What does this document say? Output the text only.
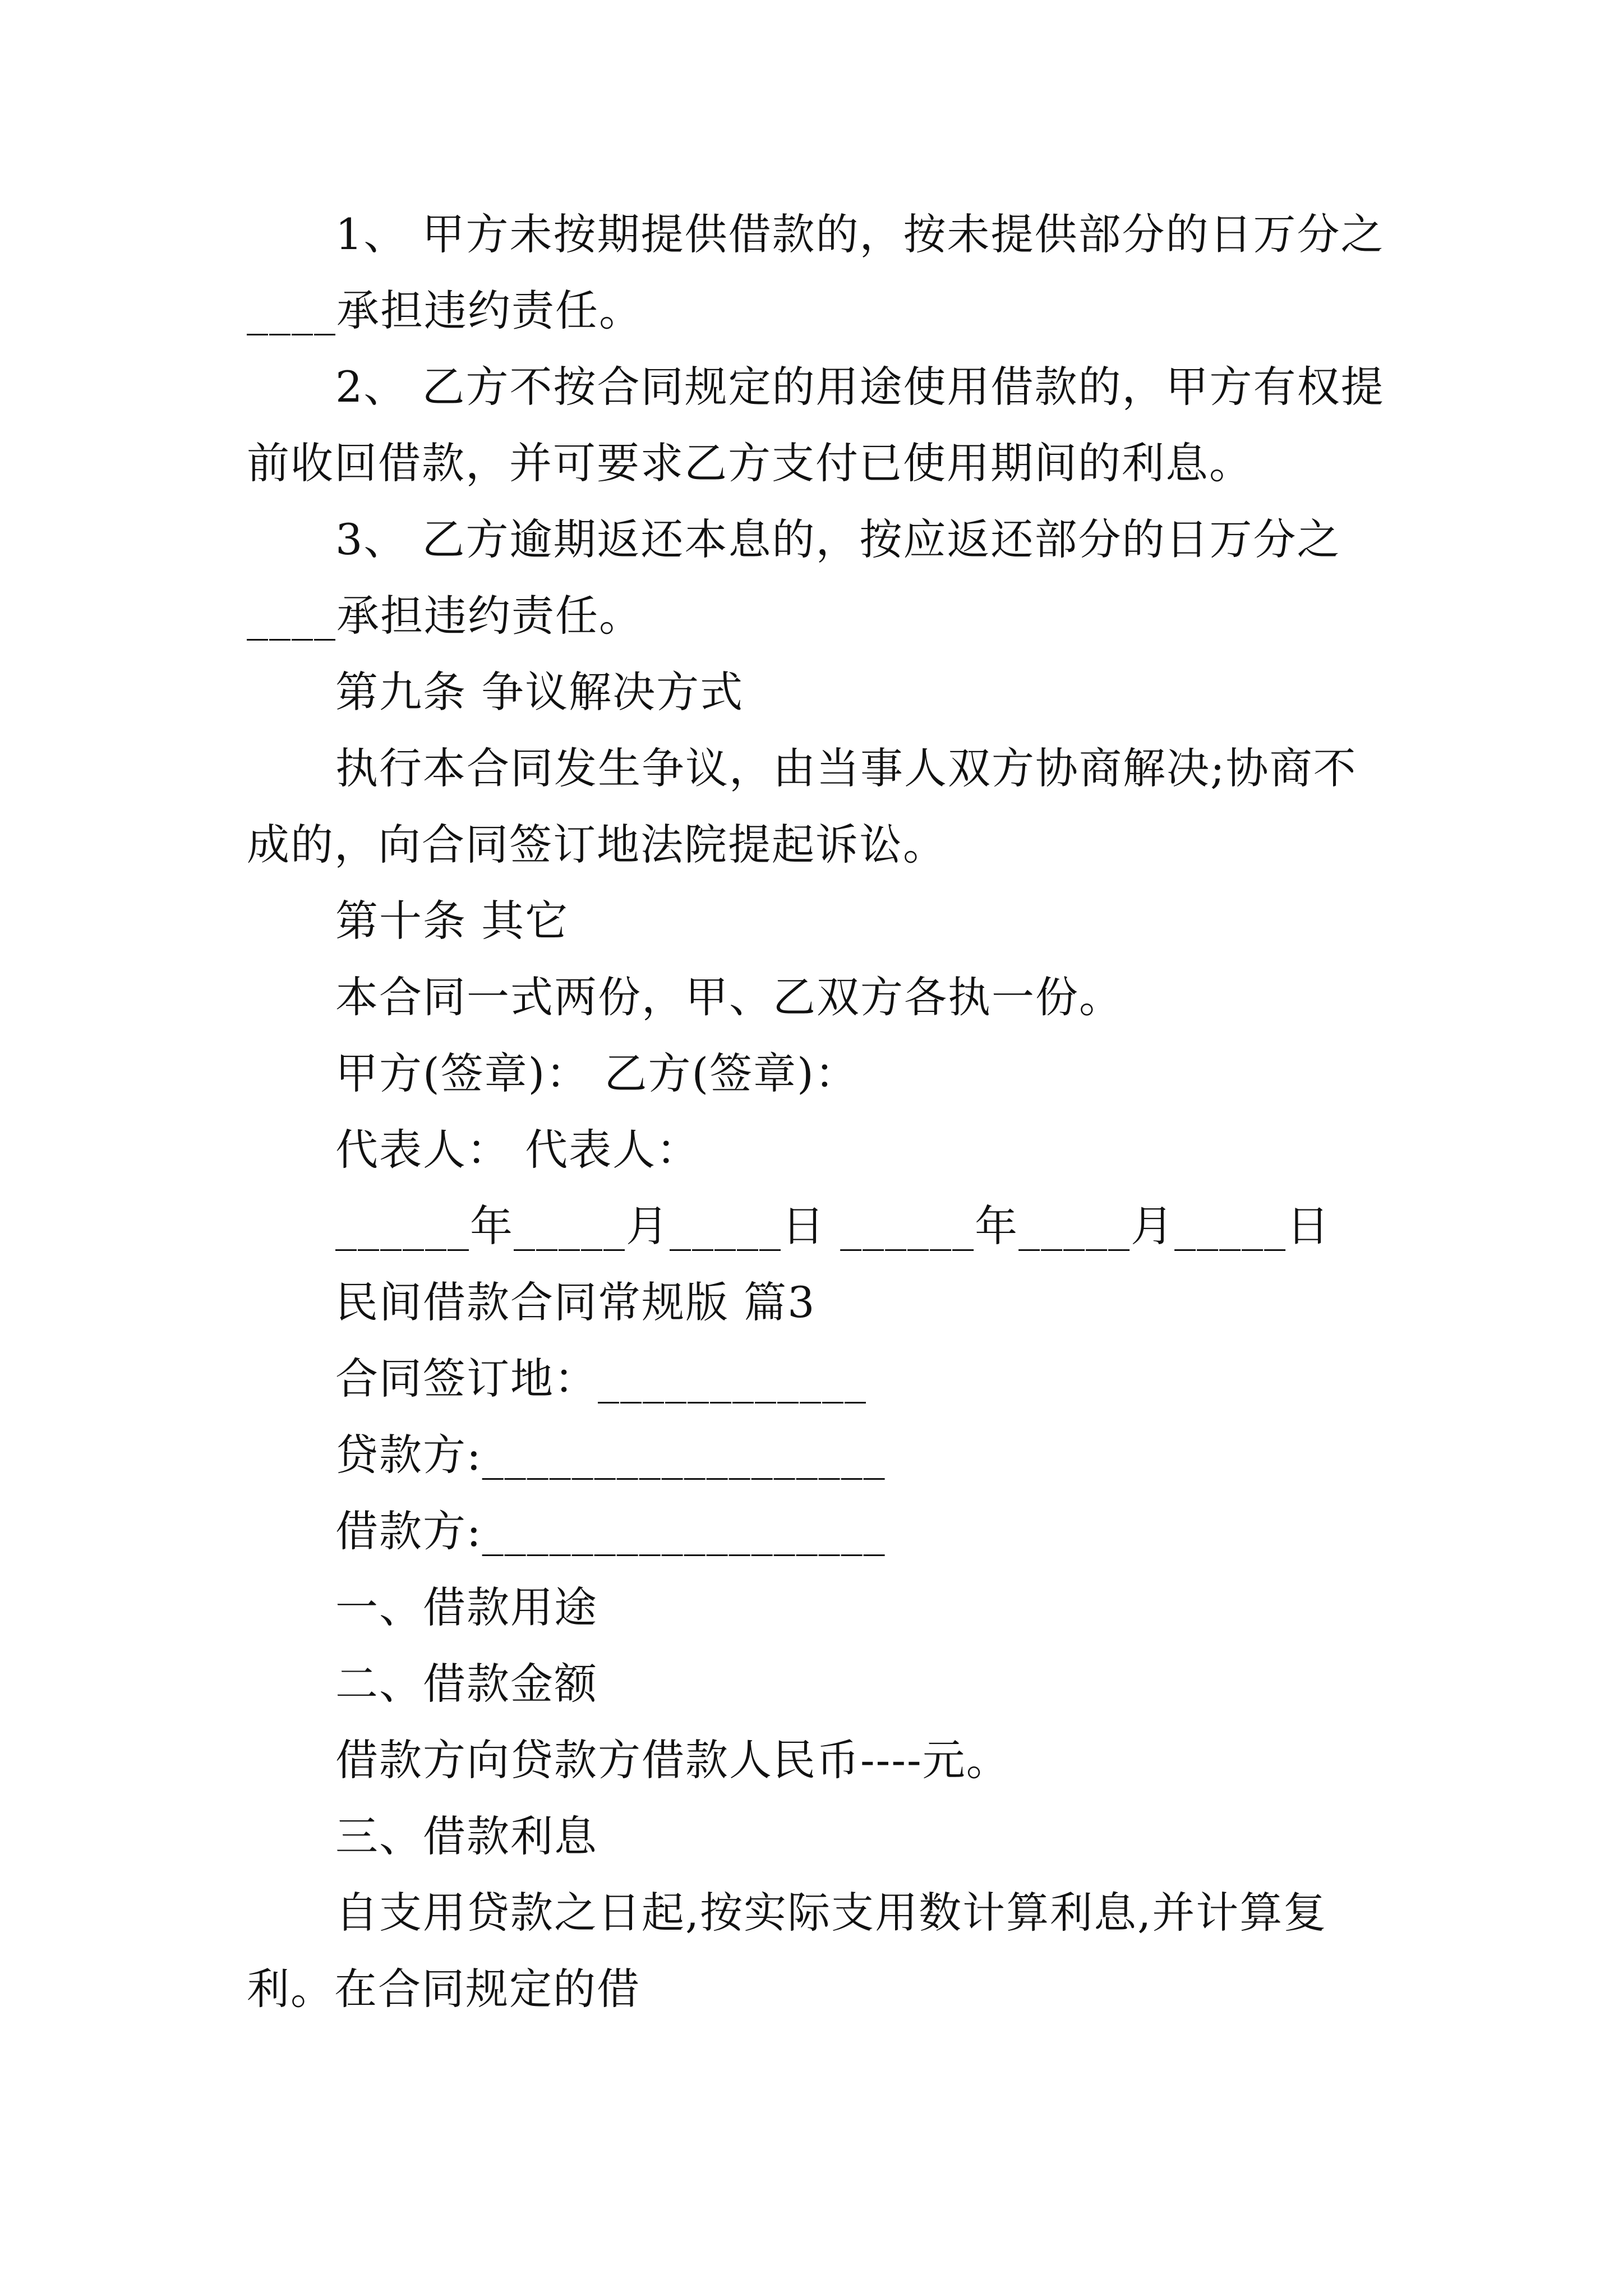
1、 甲方未按期提供借款的，按未提供部分的日万分之
____承担违约责任。
2、 乙方不按合同规定的用途使用借款的，甲方有权提
前收回借款，并可要求乙方支付已使用期间的利息。
3、 乙方逾期返还本息的，按应返还部分的日万分之
____承担违约责任。
第九条 争议解决方式
执行本合同发生争议，由当事人双方协商解决;协商不
成的，向合同签订地法院提起诉讼。
第十条 其它
本合同一式两份，甲、乙双方各执一份。
甲方(签章)： 乙方(签章)：
代表人： 代表人：
______年_____月_____日 ______年_____月_____日
民间借款合同常规版 篇3
合同签订地：____________
贷款方:__________________
借款方:__________________
一、借款用途
二、借款金额
借款方向贷款方借款人民币----元。
三、借款利息
自支用贷款之日起,按实际支用数计算利息,并计算复
利。在合同规定的借
